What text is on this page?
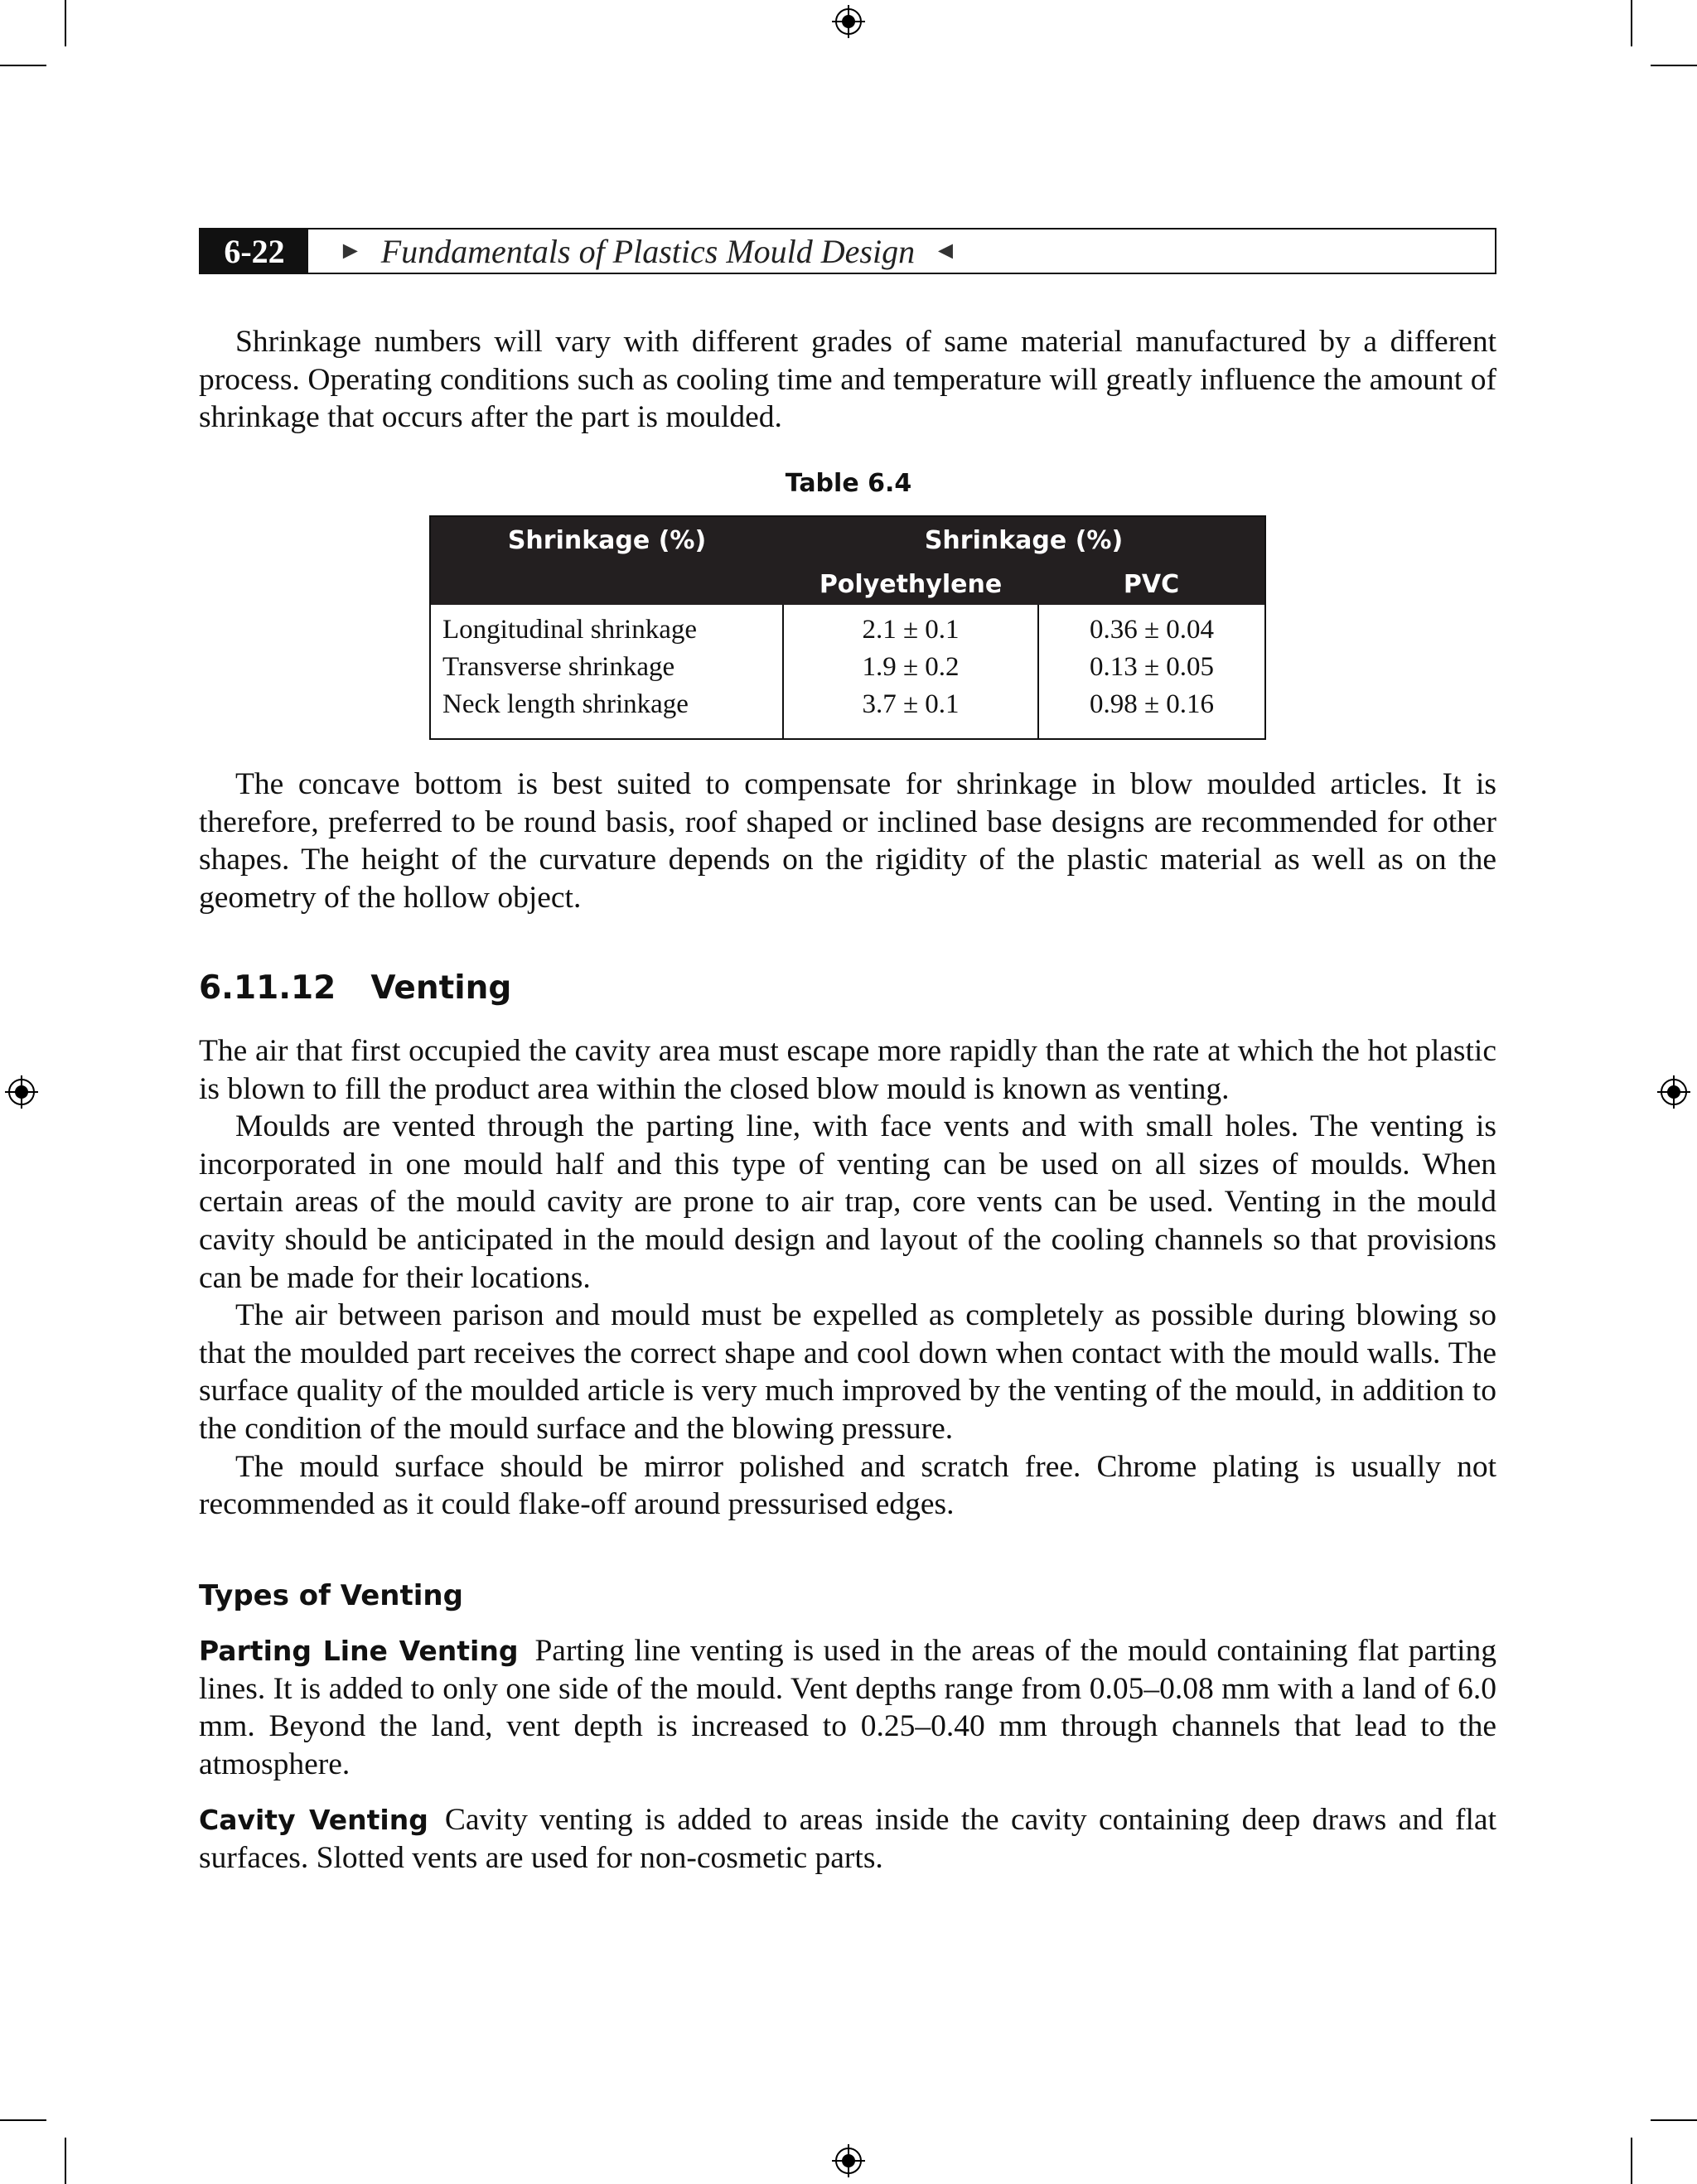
6-22	► Fundamentals of Plastics Mould Design ◄

Shrinkage numbers will vary with different grades of same material manufactured by a different process. Operating conditions such as cooling time and temperature will greatly influence the amount of shrinkage that occurs after the part is moulded.

Table 6.4
Shrinkage (%)	Shrinkage (%)	
	Polyethylene	PVC
Longitudinal shrinkage	2.1 ± 0.1	0.36 ± 0.04
Transverse shrinkage	1.9 ± 0.2	0.13 ± 0.05
Neck length shrinkage	3.7 ± 0.1	0.98 ± 0.16

The concave bottom is best suited to compensate for shrinkage in blow moulded articles. It is therefore, preferred to be round basis, roof shaped or inclined base designs are recommended for other shapes. The height of the curvature depends on the rigidity of the plastic material as well as on the geometry of the hollow object.

6.11.12 Venting

The air that first occupied the cavity area must escape more rapidly than the rate at which the hot plastic is blown to fill the product area within the closed blow mould is known as venting.

Moulds are vented through the parting line, with face vents and with small holes. The venting is incorporated in one mould half and this type of venting can be used on all sizes of moulds. When certain areas of the mould cavity are prone to air trap, core vents can be used. Venting in the mould cavity should be anticipated in the mould design and layout of the cooling channels so that provisions can be made for their locations.

The air between parison and mould must be expelled as completely as possible during blowing so that the moulded part receives the correct shape and cool down when contact with the mould walls. The surface quality of the moulded article is very much improved by the venting of the mould, in addition to the condition of the mould surface and the blowing pressure.

The mould surface should be mirror polished and scratch free. Chrome plating is usually not recommended as it could flake-off around pressurised edges.

Types of Venting

Parting Line Venting Parting line venting is used in the areas of the mould containing flat parting lines. It is added to only one side of the mould. Vent depths range from 0.05–0.08 mm with a land of 6.0 mm. Beyond the land, vent depth is increased to 0.25–0.40 mm through channels that lead to the atmosphere.

Cavity Venting Cavity venting is added to areas inside the cavity containing deep draws and flat surfaces. Slotted vents are used for non-cosmetic parts.
